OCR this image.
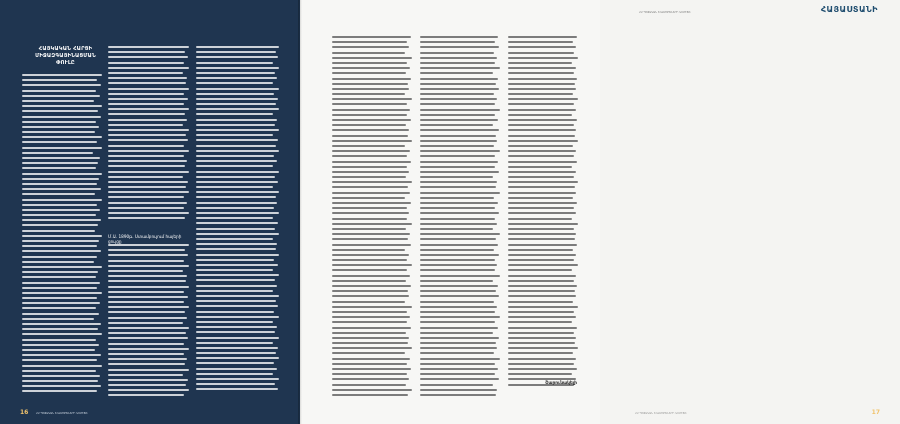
ՀԱՅԿԱԿԱՆ ՀԱՐՑԻ
ՄԻՋԱԶԳԱՅԻՆԱՑՄԱՆ
ՓՈՒԼԸ
Մ.Ա. 1890թ. Ստամբուլում հայերի ցույցը
16	ՀՀ ՊԵՏԱԿԱՆ ԵԿԱՄՈՒՏՆԵՐԻ ԿՈՄԻՏԵ
ՀԱՅԱՍՏԱՆԻ
ՀՀ ՊԵՏԱԿԱՆ ԵԿԱՄՈՒՏՆԵՐԻ ԿՈՄԻՏԵ
Շարունակելի
17
ՀՀ ՊԵՏԱԿԱՆ ԵԿԱՄՈՒՏՆԵՐԻ ԿՈՄԻՏԵ
